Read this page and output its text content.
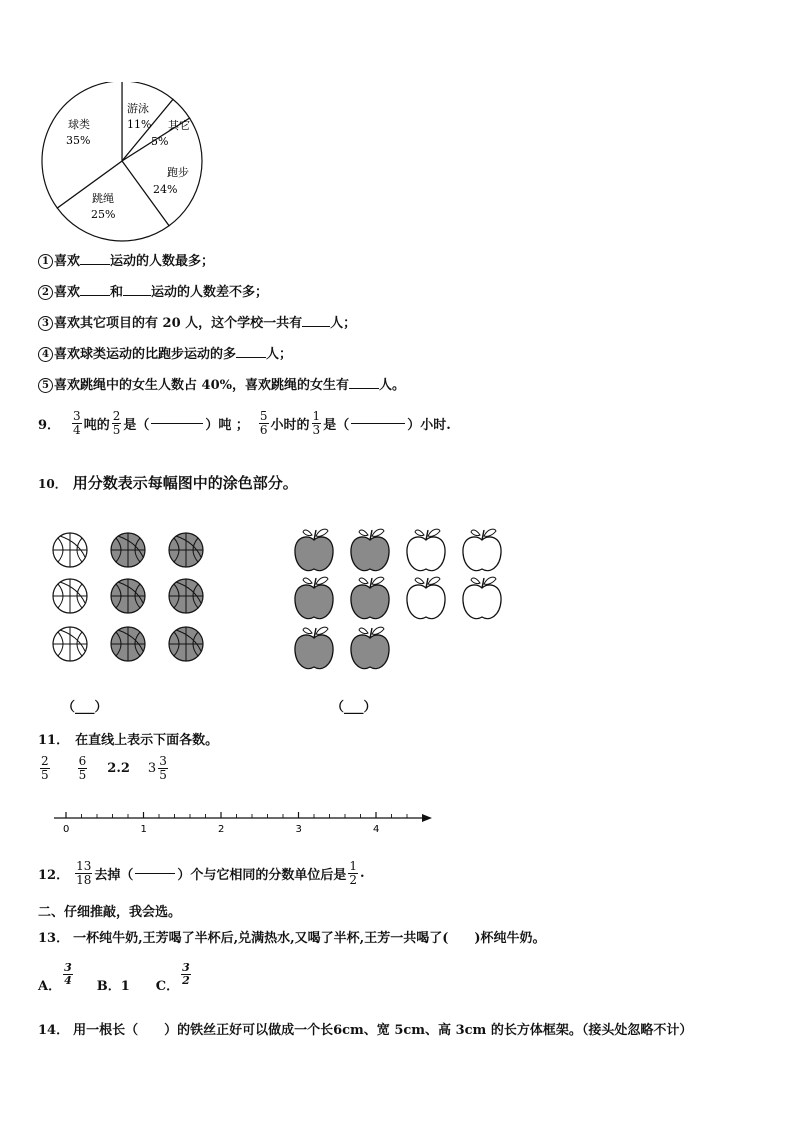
游泳
11% 其它
5%
跑步
24%
跳绳
25%
球类
35%
1 喜欢 运动的人数最多；
2 喜欢 和 运动的人数差不多；
3 喜欢其它项目的有 20 人，这个学校一共有 人；
4 喜欢球类运动的比跑步运动的多 人；
5 喜欢跳绳中的女生人数占 40%，喜欢跳绳的女生有 人。
9． $\frac{3}{4}$ 吨的 $\frac{2}{5}$ 是（	）吨 ； $\frac{5}{6}$ 小时的 $\frac{1}{3}$ 是（	）小时.
10． 用分数表示每幅图中的涂色部分。
（___）	（___）
11． 在直线上表示下面各数。
$\frac{2}{5} \frac{6}{5} 2.2$ $3 \frac{3}{5}$
0	1	2	3	4
12． $\frac{13}{18}$ 去掉（	）个与它相同的分数单位后是 $\frac{1}{2}$ .
二、仔细推敲，我会选。
13． 一杯纯牛奶,王芳喝了半杯后,兑满热水,又喝了半杯,王芳一共喝了(　　)杯纯牛奶。
A．
$\frac{3}{4}$
B．1 C．
$\frac{3}{2}$
14． 用一根长（　　）的铁丝正好可以做成一个长6cm、宽 5cm、高 3cm 的长方体框架。（接头处忽略不计）
